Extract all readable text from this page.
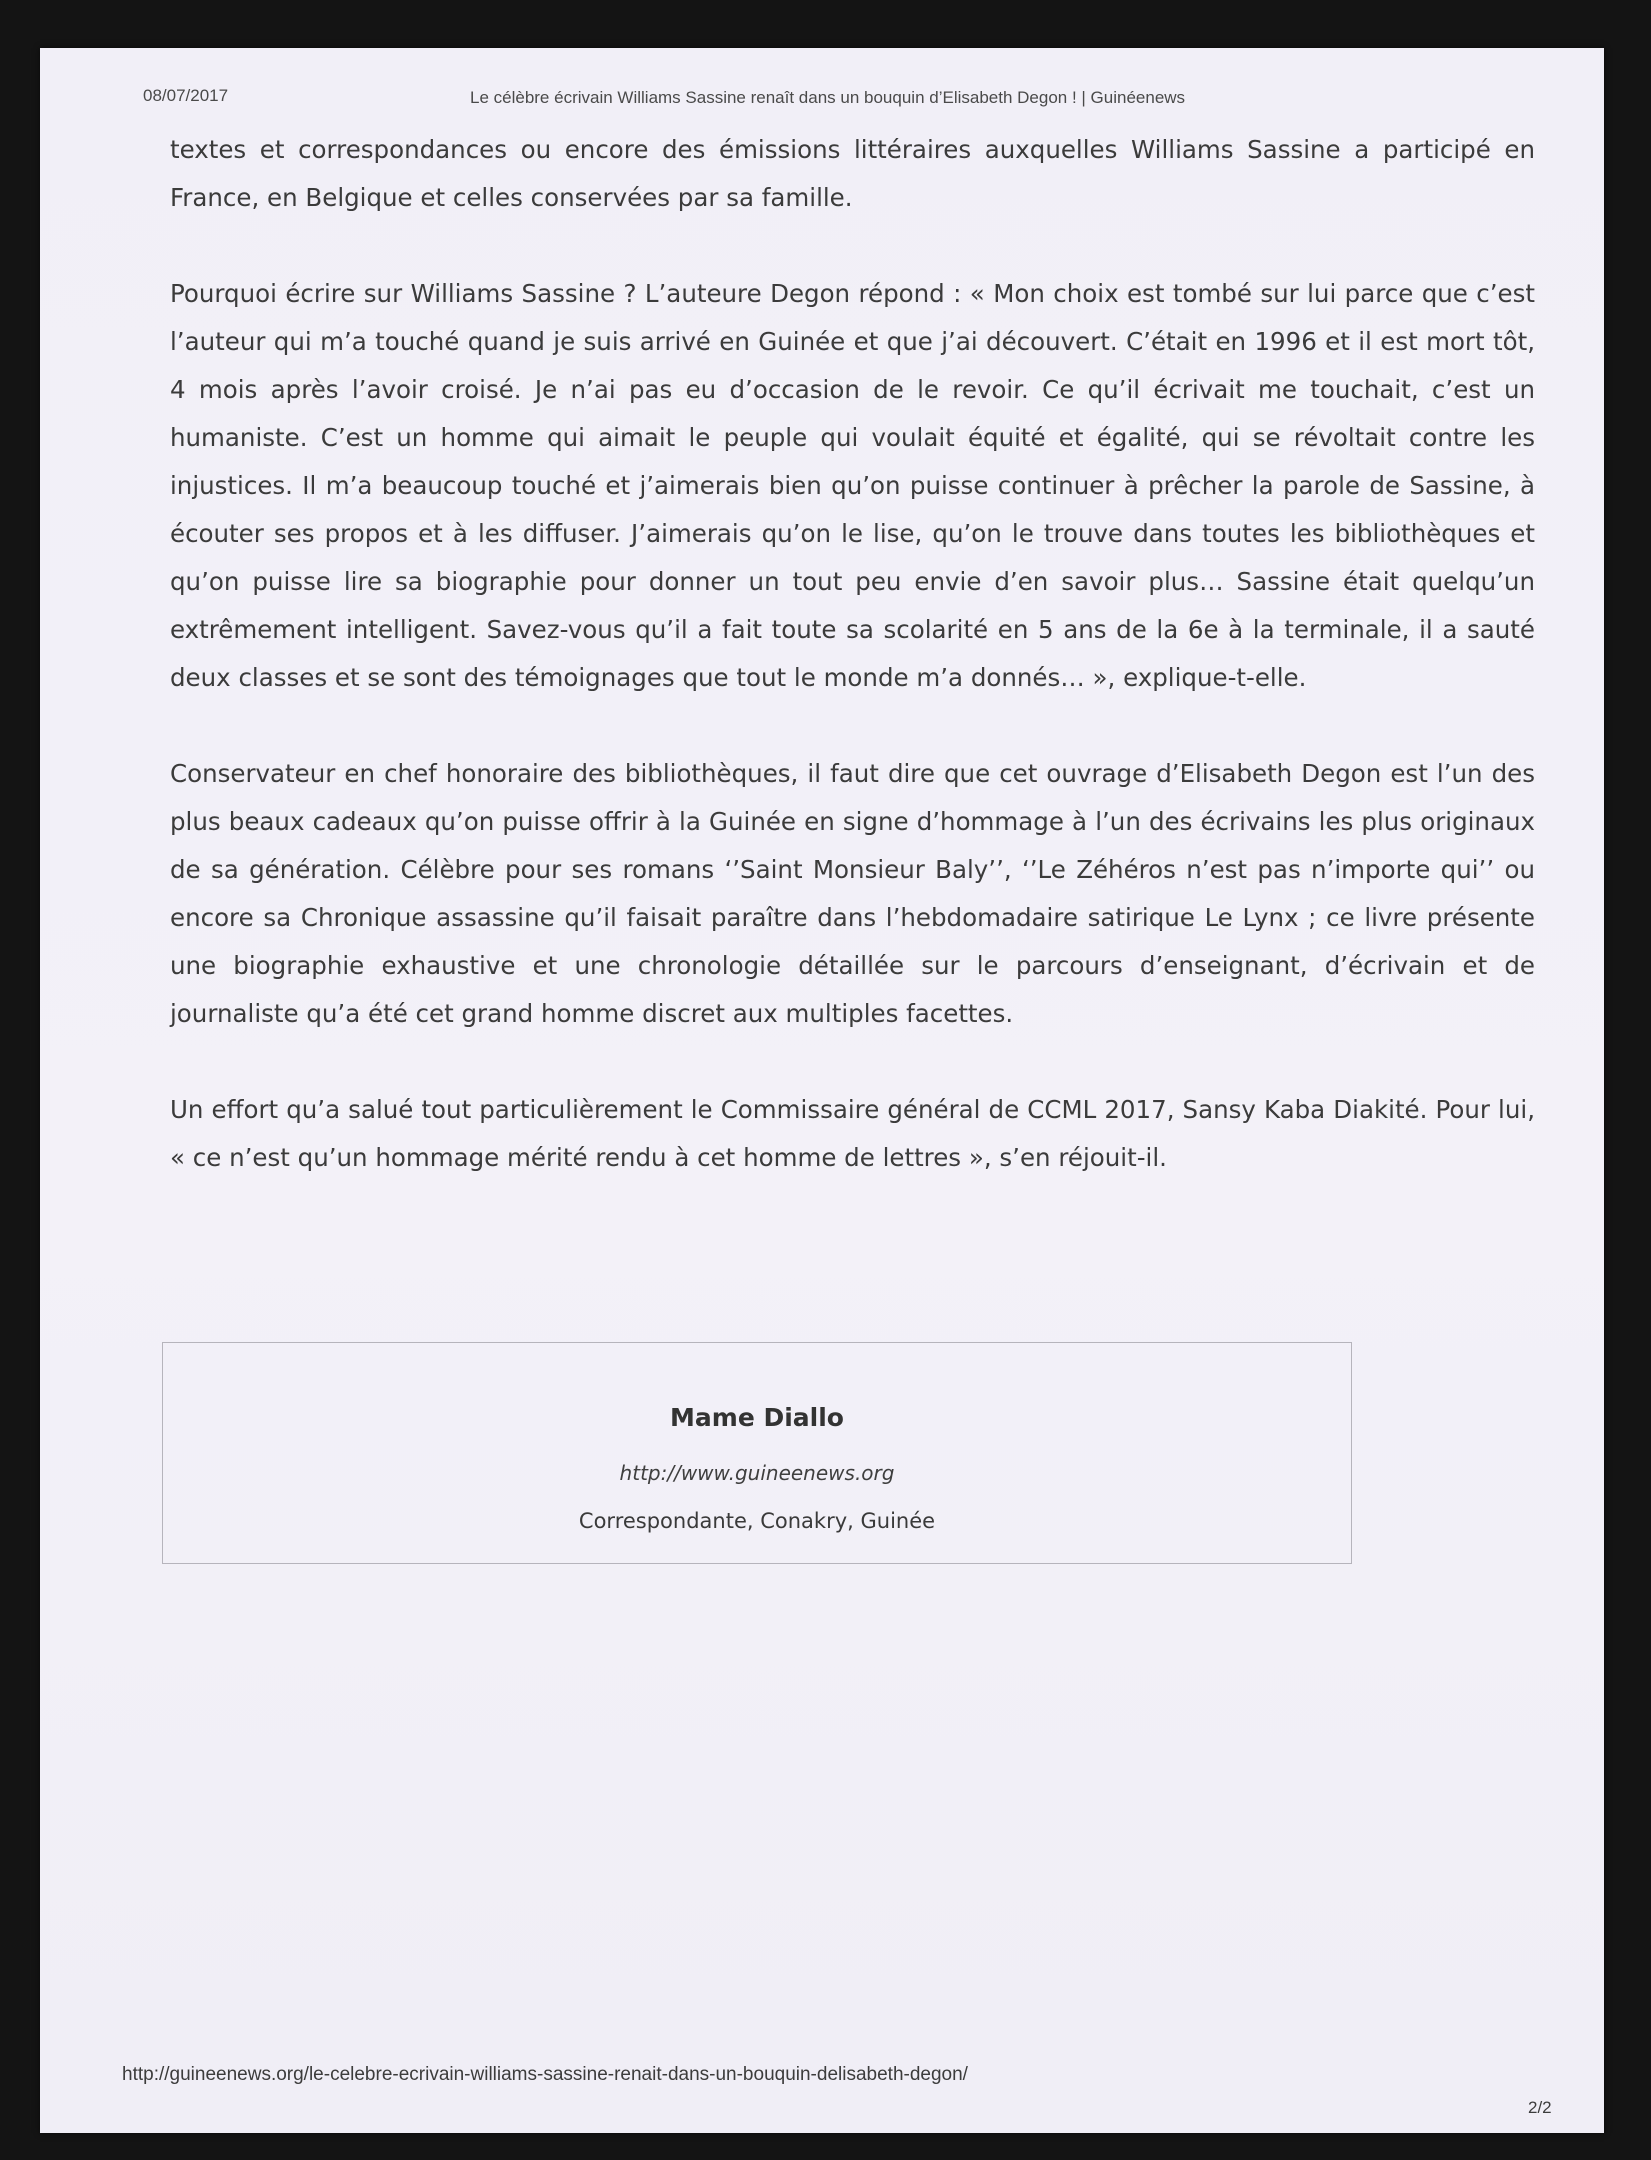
08/07/2017	Le célèbre écrivain Williams Sassine renaît dans un bouquin d’Elisabeth Degon ! | Guinéenews

textes et correspondances ou encore des émissions littéraires auxquelles Williams Sassine a participé en France, en Belgique et celles conservées par sa famille.

Pourquoi écrire sur Williams Sassine ? L’auteure Degon répond : « Mon choix est tombé sur lui parce que c’est l’auteur qui m’a touché quand je suis arrivé en Guinée et que j’ai découvert. C’était en 1996 et il est mort tôt, 4 mois après l’avoir croisé. Je n’ai pas eu d’occasion de le revoir. Ce qu’il écrivait me touchait, c’est un humaniste. C’est un homme qui aimait le peuple qui voulait équité et égalité, qui se révoltait contre les injustices. Il m’a beaucoup touché et j’aimerais bien qu’on puisse continuer à prêcher la parole de Sassine, à écouter ses propos et à les diffuser. J’aimerais qu’on le lise, qu’on le trouve dans toutes les bibliothèques et qu’on puisse lire sa biographie pour donner un tout peu envie d’en savoir plus… Sassine était quelqu’un extrêmement intelligent. Savez-vous qu’il a fait toute sa scolarité en 5 ans de la 6e à la terminale, il a sauté deux classes et se sont des témoignages que tout le monde m’a donnés… », explique-t-elle.

Conservateur en chef honoraire des bibliothèques, il faut dire que cet ouvrage d’Elisabeth Degon est l’un des plus beaux cadeaux qu’on puisse offrir à la Guinée en signe d’hommage à l’un des écrivains les plus originaux de sa génération. Célèbre pour ses romans ‘’Saint Monsieur Baly’’, ‘’Le Zéhéros n’est pas n’importe qui’’ ou encore sa Chronique assassine qu’il faisait paraître dans l’hebdomadaire satirique Le Lynx ; ce livre présente une biographie exhaustive et une chronologie détaillée sur le parcours d’enseignant, d’écrivain et de journaliste qu’a été cet grand homme discret aux multiples facettes.

Un effort qu’a salué tout particulièrement le Commissaire général de CCML 2017, Sansy Kaba Diakité. Pour lui, « ce n’est qu’un hommage mérité rendu à cet homme de lettres », s’en réjouit-il.

Mame Diallo
http://www.guineenews.org
Correspondante, Conakry, Guinée
http://guineenews.org/le-celebre-ecrivain-williams-sassine-renait-dans-un-bouquin-delisabeth-degon/
2/2
